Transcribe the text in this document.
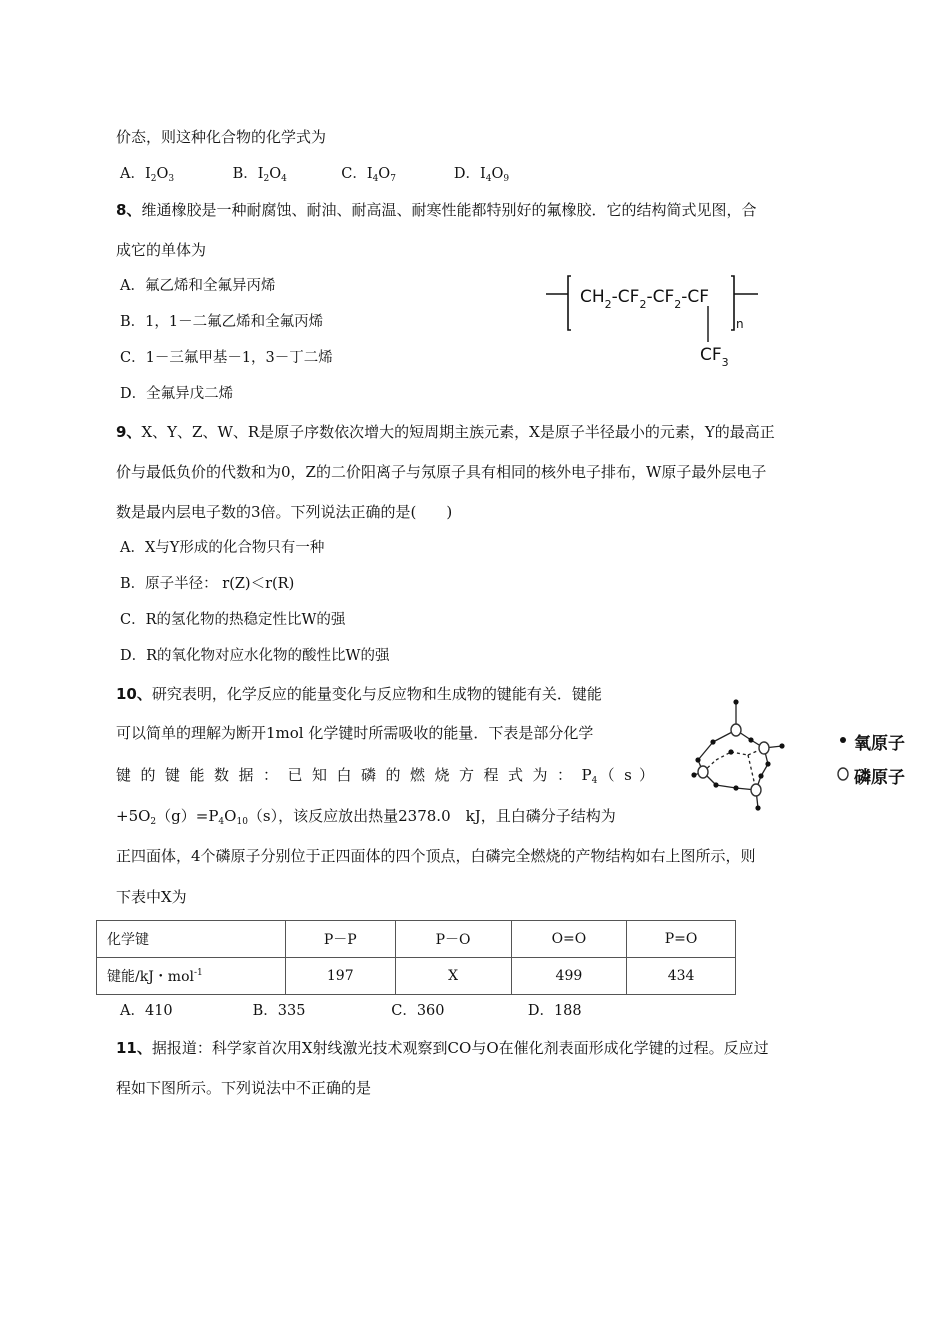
价态，则这种化合物的化学式为
A．$I_2O_3$	B．$I_2O_4$	C．$I_4O_7$	D．$I_4O_9$
8、维通橡胶是一种耐腐蚀、耐油、耐高温、耐寒性能都特别好的氟橡胶．它的结构简式见图，合
成它的单体为
A．氟乙烯和全氟异丙烯
B．1，1－二氟乙烯和全氟丙烯
C．1－三氟甲基－1，3－丁二烯
D．全氟异戊二烯
$CH_2-CF_2-CF_2-CF$
n
$CF_3$
9、X、Y、Z、W、R是原子序数依次增大的短周期主族元素，X是原子半径最小的元素，Y的最高正
价与最低负价的代数和为0，Z的二价阳离子与氖原子具有相同的核外电子排布，W原子最外层电子
数是最内层电子数的3倍。下列说法正确的是(　　)
A．X与Y形成的化合物只有一种
B．原子半径： r(Z)＜r(R)
C．R的氢化物的热稳定性比W的强
D．R的氧化物对应水化物的酸性比W的强
10、研究表明，化学反应的能量变化与反应物和生成物的键能有关．键能
可以简单的理解为断开1mol 化学键时所需吸收的能量．下表是部分化学
键 的 键 能 数 据 ： 已 知 白 磷 的 燃 烧 方 程 式 为 ： $P_4$（ s ）
$+5O_2(g)=P_4O_{10}(s)$，该反应放出热量2378.0　kJ，且白磷分子结构为
正四面体，4个磷原子分别位于正四面体的四个顶点，白磷完全燃烧的产物结构如右上图所示，则
下表中X为
氧原子
磷原子
化学键	P－P	P－O	O=O	P=O
键能/kJ・mol$^{-1}$	197	X	499	434
A．410	B．335	C．360	D．188
11、据报道：科学家首次用X射线激光技术观察到CO与O在催化剂表面形成化学键的过程。反应过
程如下图所示。下列说法中不正确的是
